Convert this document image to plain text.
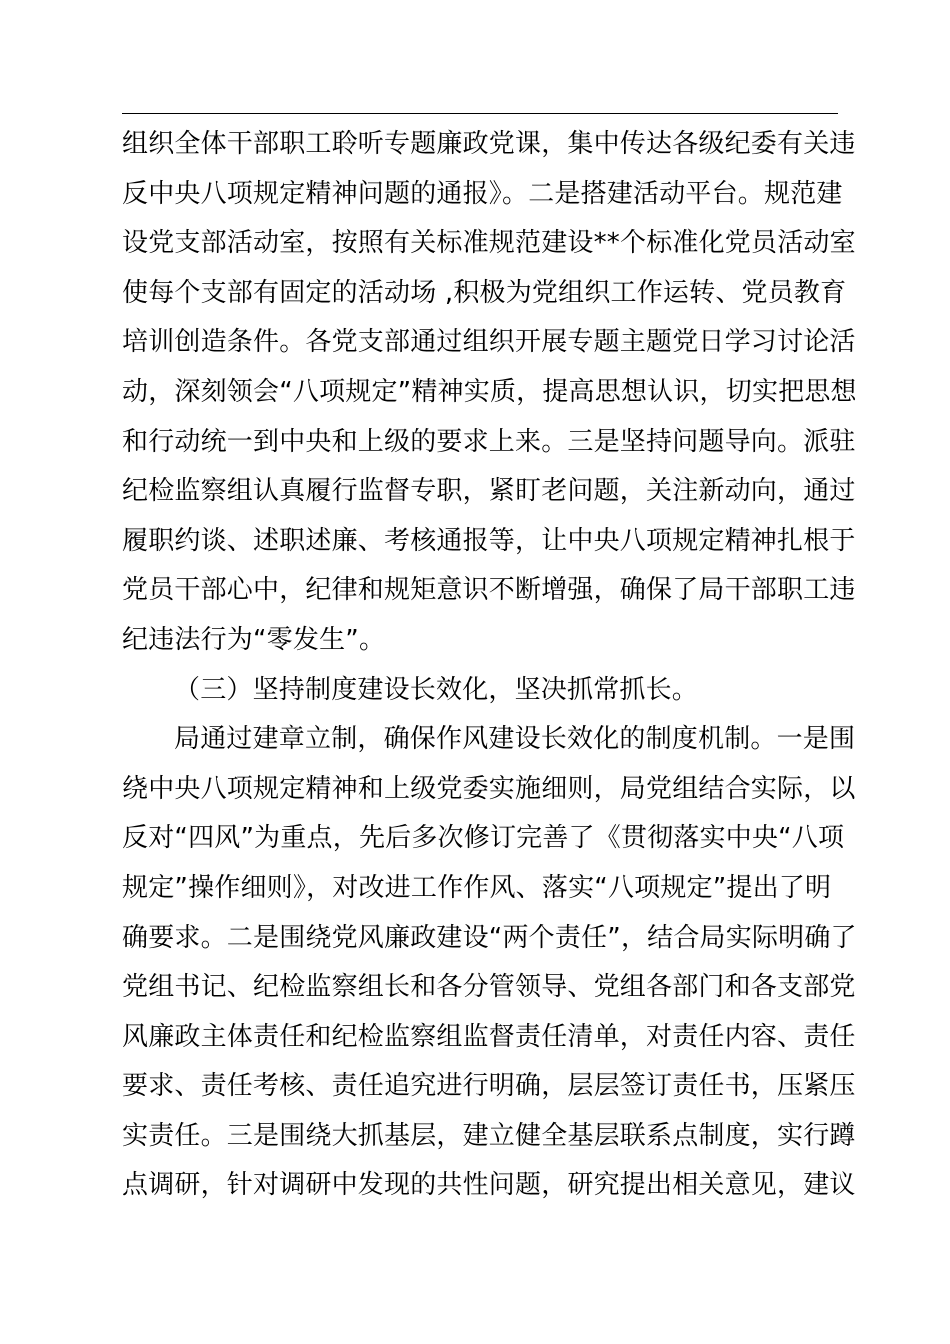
组织全体干部职工聆听专题廉政党课，集中传达各级纪委有关违
反中央八项规定精神问题的通报》。二是搭建活动平台。规范建
设党支部活动室，按照有关标准规范建设**个标准化党员活动室
使每个支部有固定的活动场 ,积极为党组织工作运转、党员教育
培训创造条件。各党支部通过组织开展专题主题党日学习讨论活
动，深刻领会“八项规定”精神实质，提高思想认识，切实把思想
和行动统一到中央和上级的要求上来。三是坚持问题导向。派驻
纪检监察组认真履行监督专职，紧盯老问题，关注新动向，通过
履职约谈、述职述廉、考核通报等，让中央八项规定精神扎根于
党员干部心中，纪律和规矩意识不断增强，确保了局干部职工违
纪违法行为“零发生”。
（三）坚持制度建设长效化，坚决抓常抓长。
局通过建章立制，确保作风建设长效化的制度机制。一是围
绕中央八项规定精神和上级党委实施细则，局党组结合实际，以
反对“四风”为重点，先后多次修订完善了《贯彻落实中央“八项
规定”操作细则》，对改进工作作风、落实“八项规定”提出了明
确要求。二是围绕党风廉政建设“两个责任”，结合局实际明确了
党组书记、纪检监察组长和各分管领导、党组各部门和各支部党
风廉政主体责任和纪检监察组监督责任清单，对责任内容、责任
要求、责任考核、责任追究进行明确，层层签订责任书，压紧压
实责任。三是围绕大抓基层，建立健全基层联系点制度，实行蹲
点调研，针对调研中发现的共性问题，研究提出相关意见，建议
